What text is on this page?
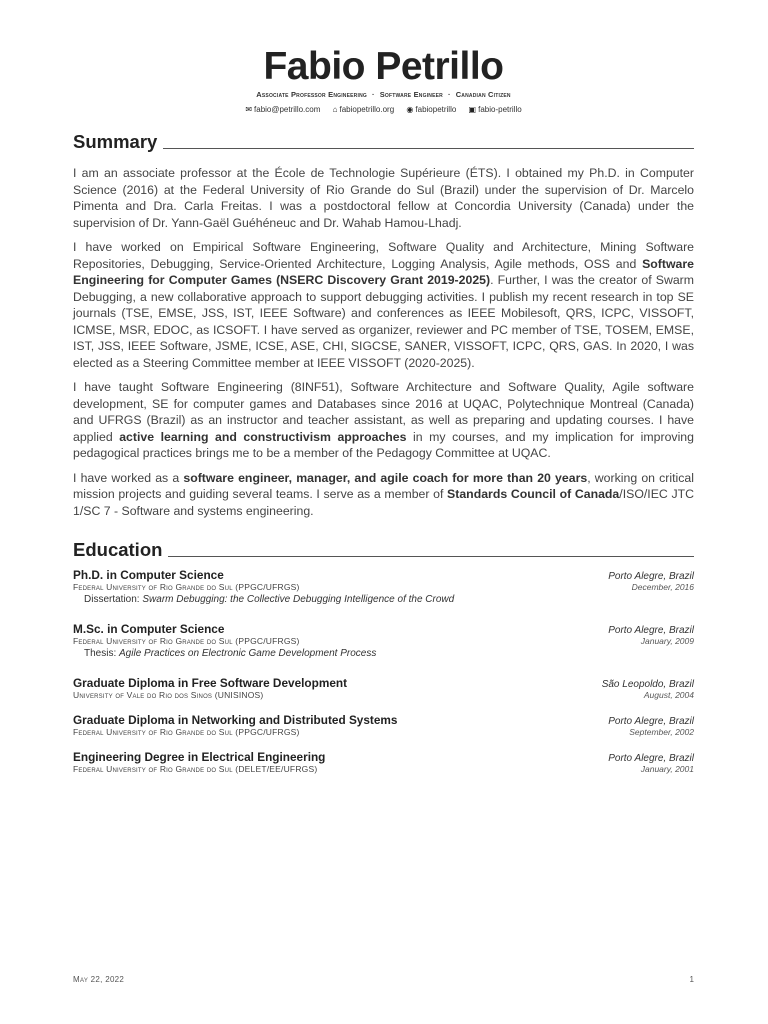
Fabio Petrillo
Associate Professor Engineering · Software Engineer · Canadian Citizen
✉ fabio@petrillo.com ⌂ fabiopetrillo.org ◉ fabiopetrillo ▣ fabio-petrillo
Summary
I am an associate professor at the École de Technologie Supérieure (ÉTS). I obtained my Ph.D. in Computer Science (2016) at the Federal University of Rio Grande do Sul (Brazil) under the supervision of Dr. Marcelo Pimenta and Dra. Carla Freitas. I was a postdoctoral fellow at Concordia University (Canada) under the supervision of Dr. Yann-Gaël Guéhéneuc and Dr. Wahab Hamou-Lhadj.
I have worked on Empirical Software Engineering, Software Quality and Architecture, Mining Software Repositories, Debugging, Service-Oriented Architecture, Logging Analysis, Agile methods, OSS and Software Engineering for Computer Games (NSERC Discovery Grant 2019-2025). Further, I was the creator of Swarm Debugging, a new collaborative approach to support debugging activities. I publish my recent research in top SE journals (TSE, EMSE, JSS, IST, IEEE Software) and conferences as IEEE Mobilesoft, QRS, ICPC, VISSOFT, ICMSE, MSR, EDOC, as ICSOFT. I have served as organizer, reviewer and PC member of TSE, TOSEM, EMSE, IST, JSS, IEEE Software, JSME, ICSE, ASE, CHI, SIGCSE, SANER, VISSOFT, ICPC, QRS, GAS. In 2020, I was elected as a Steering Committee member at IEEE VISSOFT (2020-2025).
I have taught Software Engineering (8INF51), Software Architecture and Software Quality, Agile software development, SE for computer games and Databases since 2016 at UQAC, Polytechnique Montreal (Canada) and UFRGS (Brazil) as an instructor and teacher assistant, as well as preparing and updating courses. I have applied active learning and constructivism approaches in my courses, and my implication for improving pedagogical practices brings me to be a member of the Pedagogy Committee at UQAC.
I have worked as a software engineer, manager, and agile coach for more than 20 years, working on critical mission projects and guiding several teams. I serve as a member of Standards Council of Canada/ISO/IEC JTC 1/SC 7 - Software and systems engineering.
Education
Ph.D. in Computer Science	Porto Alegre, Brazil
Federal University of Rio Grande do Sul (PPGC/UFRGS)	December, 2016
Dissertation: Swarm Debugging: the Collective Debugging Intelligence of the Crowd
M.Sc. in Computer Science	Porto Alegre, Brazil
Federal University of Rio Grande do Sul (PPGC/UFRGS)	January, 2009
Thesis: Agile Practices on Electronic Game Development Process
Graduate Diploma in Free Software Development	São Leopoldo, Brazil
University of Vale do Rio dos Sinos (UNISINOS)	August, 2004
Graduate Diploma in Networking and Distributed Systems	Porto Alegre, Brazil
Federal University of Rio Grande do Sul (PPGC/UFRGS)	September, 2002
Engineering Degree in Electrical Engineering	Porto Alegre, Brazil
Federal University of Rio Grande do Sul (DELET/EE/UFRGS)	January, 2001
May 22, 2022	1
